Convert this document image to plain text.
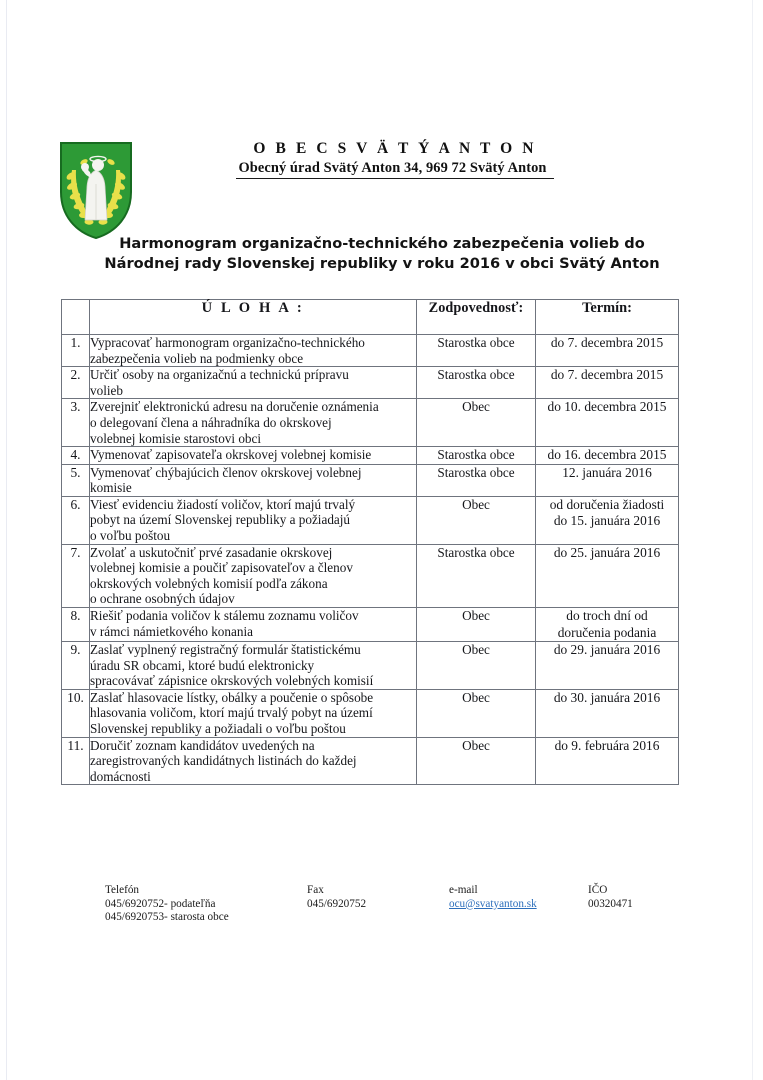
O B E C S V Ä T Ý A N T O N
Obecný úrad Svätý Anton 34, 969 72 Svätý Anton
Harmonogram organizačno-technického zabezpečenia volieb do
Národnej rady Slovenskej republiky v roku 2016 v obci Svätý Anton
	Ú L O H A :	Zodpovednosť:	Termín:
1.	Vypracovať harmonogram organizačno-technického
zabezpečenia volieb na podmienky obce	Starostka obce	do 7. decembra 2015

2.	Určiť osoby na organizačnú a technickú prípravu
volieb	Starostka obce	do 7. decembra 2015

3.	Zverejniť elektronickú adresu na doručenie oznámenia
o delegovaní člena a náhradníka do okrskovej
volebnej komisie starostovi obci	Obec	do 10. decembra 2015

4.	Vymenovať zapisovateľa okrskovej volebnej komisie	Starostka obce	do 16. decembra 2015

5.	Vymenovať chýbajúcich členov okrskovej volebnej
komisie	Starostka obce	12. januára 2016

6.	Viesť evidenciu žiadostí voličov, ktorí majú trvalý
pobyt na území Slovenskej republiky a požiadajú
o voľbu poštou	Obec	od doručenia žiadosti
do 15. januára 2016

7.	Zvolať a uskutočniť prvé zasadanie okrskovej
volebnej komisie a poučiť zapisovateľov a členov
okrskových volebných komisií podľa zákona
o ochrane osobných údajov	Starostka obce	do 25. januára 2016

8.	Riešiť podania voličov k stálemu zoznamu voličov
v rámci námietkového konania	Obec	do troch dní od
doručenia podania

9.	Zaslať vyplnený registračný formulár štatistickému
úradu SR obcami, ktoré budú elektronicky
spracovávať zápisnice okrskových volebných komisií	Obec	do 29. januára 2016

10.	Zaslať hlasovacie lístky, obálky a poučenie o spôsobe
hlasovania voličom, ktorí majú trvalý pobyt na území
Slovenskej republiky a požiadali o voľbu poštou	Obec	do 30. januára 2016

11.	Doručiť zoznam kandidátov uvedených na
zaregistrovaných kandidátnych listinách do každej
domácnosti	Obec	do 9. februára 2016
Telefón
045/6920752- podateľňa
045/6920753- starosta obce
Fax
045/6920752
e-mail
ocu@svatyanton.sk
IČO
00320471
